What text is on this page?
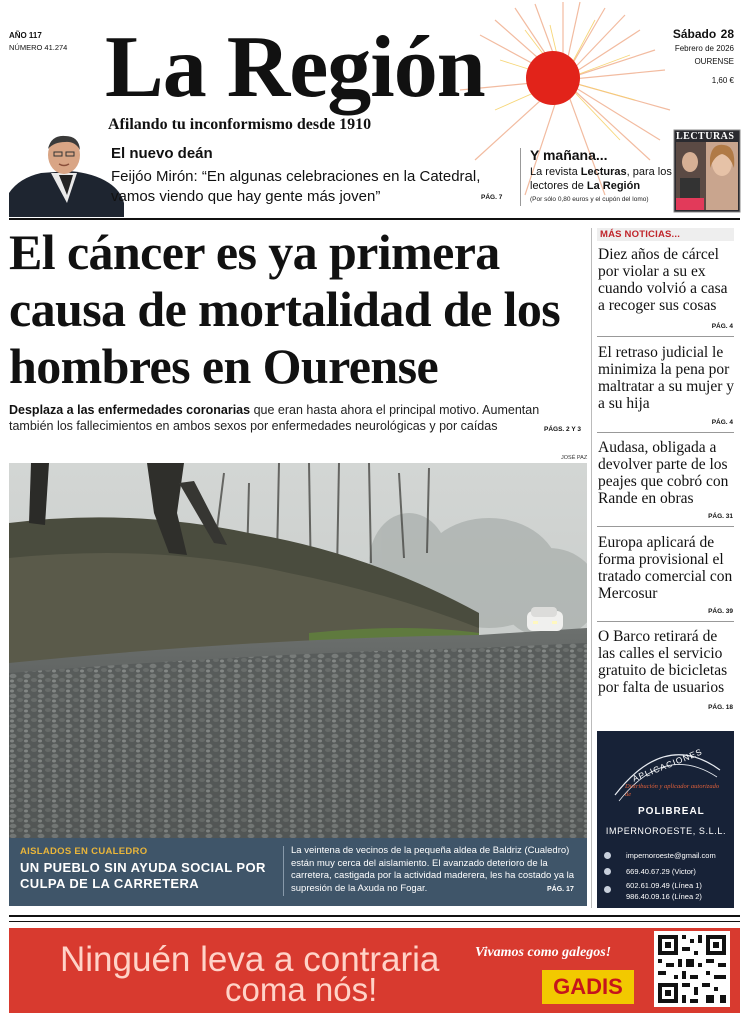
AÑO 117
NÚMERO 41.274 La Región
Afilando tu inconformismo desde 1910
Sábado 28
Febrero de 2026
OURENSE
1,60 €
El nuevo deán
Feijóo Mirón: “En algunas celebraciones en la Catedral, vamos viendo que hay gente más joven”	PÁG. 7
Y mañana...
La revista Lecturas, para los lectores de La Región
(Por sólo 0,80 euros y el cupón del lomo)
LECTURAS
El cáncer es ya primera causa de mortalidad de los hombres en Ourense
Desplaza a las enfermedades coronarias que eran hasta ahora el principal motivo. Aumentan también los fallecimientos en ambos sexos por enfermedades neurológicas y por caídas	PÁGS. 2 Y 3
JOSÉ PAZ
AISLADOS EN CUALEDRO
UN PUEBLO SIN AYUDA SOCIAL POR CULPA DE LA CARRETERA
La veintena de vecinos de la pequeña aldea de Baldriz (Cualedro) están muy cerca del aislamiento. El avanzado deterioro de la carretera, castigada por la actividad maderera, les ha costado ya la supresión de la Axuda no Fogar.	PÁG. 17
MÁS NOTICIAS...
Diez años de cárcel por violar a su ex cuando volvió a casa a recoger sus cosas
PÁG. 4
El retraso judicial le minimiza la pena por maltratar a su mujer y a su hija
PÁG. 4
Audasa, obligada a devolver parte de los peajes que cobró con Rande en obras
PÁG. 31
Europa aplicará de forma provisional el tratado comercial con Mercosur
PÁG. 39
O Barco retirará de las calles el servicio gratuito de bicicletas por falta de usuarios
PÁG. 18
APLICACIONES
Distribución y aplicador autorizado de
POLIBREAL
IMPERNOROESTE, S.L.L.
impernoroeste@gmail.com
669.40.67.29 (Victor)
602.61.09.49 (Línea 1)
986.40.09.16 (Línea 2)
Ninguén leva a contraria
coma nós!
Vivamos como galegos!
GADIS
